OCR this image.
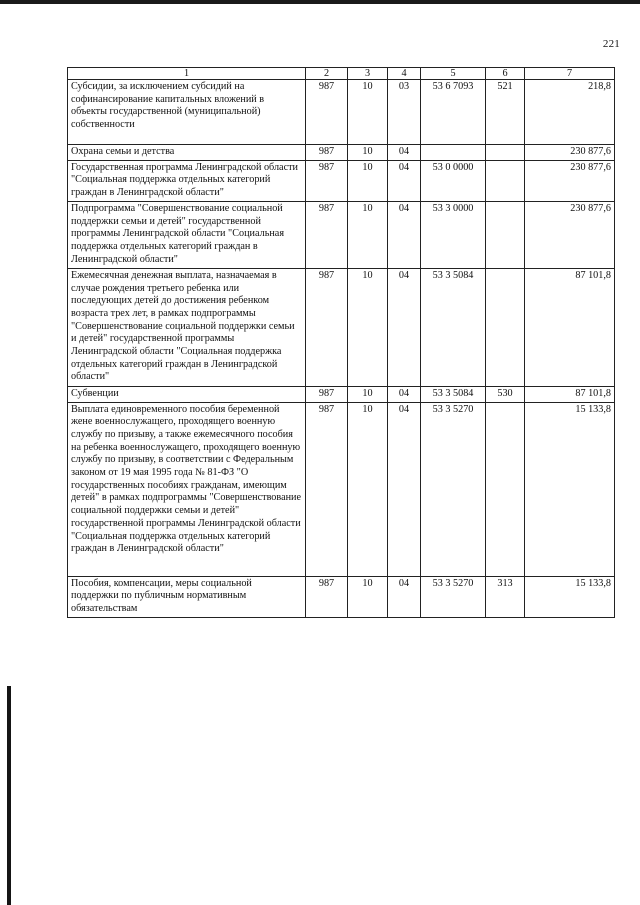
221
1	2	3	4	5	6	7
Субсидии, за исключением субсидий на софинансирование капитальных вложений в объекты государственной (муниципальной) собственности	987	10	03	53 6 7093	521	218,8
Охрана семьи и детства	987	10	04			230 877,6
Государственная программа Ленинградской области "Социальная поддержка отдельных категорий граждан в Ленинградской области"	987	10	04	53 0 0000		230 877,6
Подпрограмма "Совершенствование социальной поддержки семьи и детей" государственной программы Ленинградской области "Социальная поддержка отдельных категорий граждан в Ленинградской области"	987	10	04	53 3 0000		230 877,6
Ежемесячная денежная выплата, назначаемая в случае рождения третьего ребенка или последующих детей до достижения ребенком возраста трех лет, в рамках подпрограммы "Совершенствование социальной поддержки семьи и детей" государственной программы Ленинградской области "Социальная поддержка отдельных категорий граждан в Ленинградской области"	987	10	04	53 3 5084		87 101,8
Субвенции	987	10	04	53 3 5084	530	87 101,8
Выплата единовременного пособия беременной жене военнослужащего, проходящего военную службу по призыву, а также ежемесячного пособия на ребенка военнослужащего, проходящего военную службу по призыву, в соответствии с Федеральным законом от 19 мая 1995 года № 81-ФЗ "О государственных пособиях гражданам, имеющим детей" в рамках подпрограммы "Совершенствование социальной поддержки семьи и детей" государственной программы Ленинградской области "Социальная поддержка отдельных категорий граждан в Ленинградской области"	987	10	04	53 3 5270		15 133,8
Пособия, компенсации, меры социальной поддержки по публичным нормативным обязательствам	987	10	04	53 3 5270	313	15 133,8
